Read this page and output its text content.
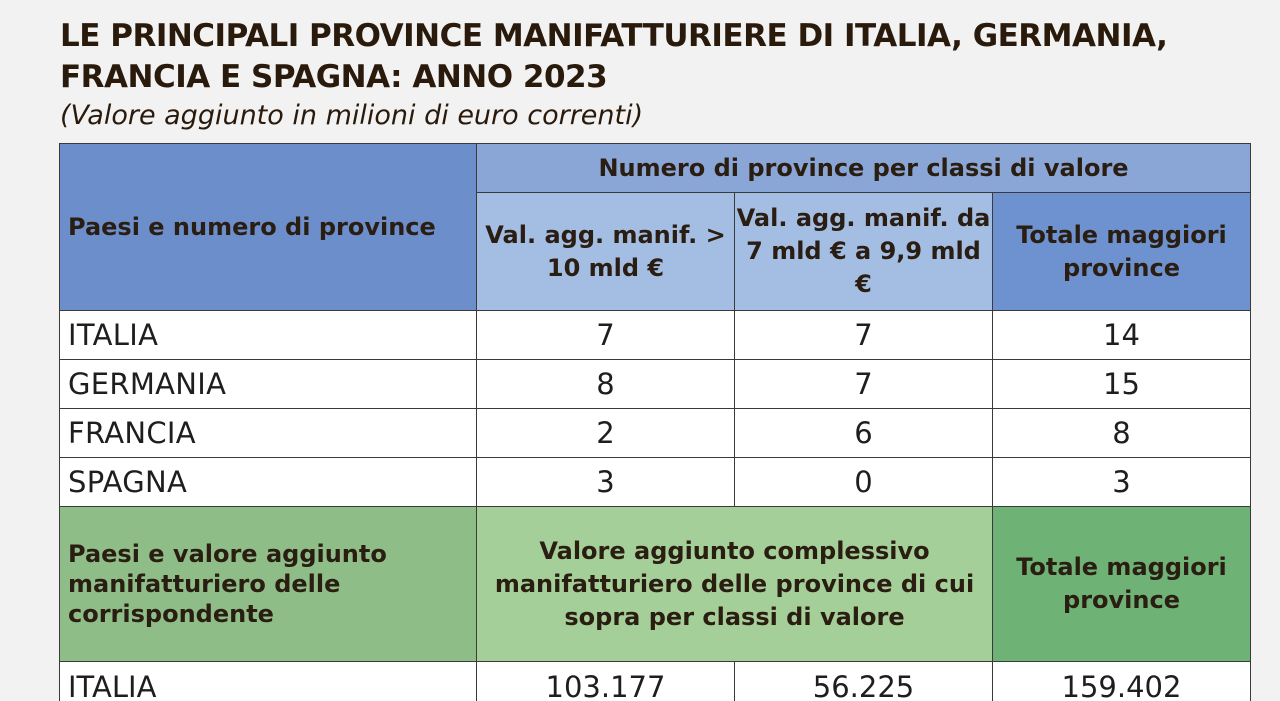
LE PRINCIPALI PROVINCE MANIFATTURIERE DI ITALIA, GERMANIA, FRANCIA E SPAGNA: ANNO 2023

(Valore aggiunto in milioni di euro correnti)

Paesi e numero di province	Numero di province per classi di valore		
	Val. agg. manif. > 10 mld €	Val. agg. manif. da 7 mld € a 9,9 mld €	Totale maggiori province
ITALIA	7	7	14
GERMANIA	8	7	15
FRANCIA	2	6	8
SPAGNA	3	0	3
Paesi e valore aggiunto manifatturiero delle corrispondente	Valore aggiunto complessivo manifatturiero delle province di cui sopra per classi di valore		Totale maggiori province
ITALIA	103.177	56.225	159.402
